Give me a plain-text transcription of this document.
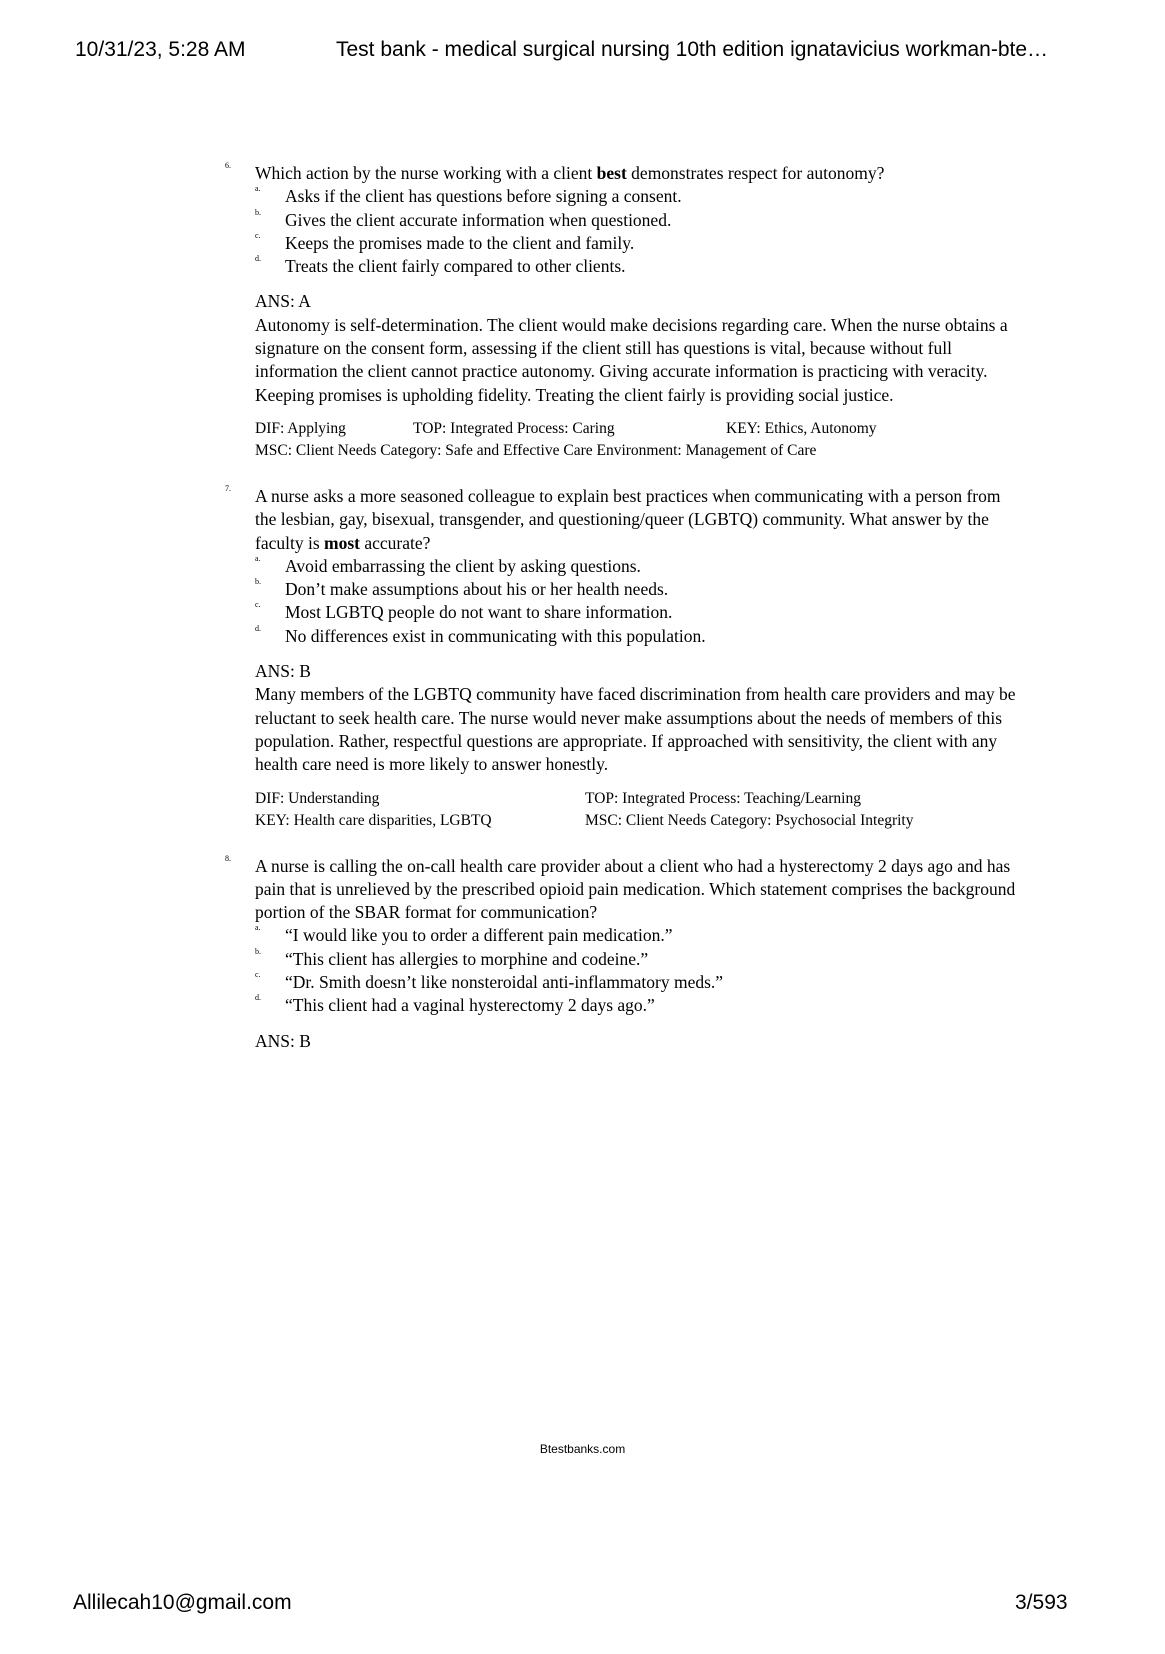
10/31/23, 5:28 AM	Test bank - medical surgical nursing 10th edition ignatavicius workman-bte…
6. Which action by the nurse working with a client best demonstrates respect for autonomy?
a. Asks if the client has questions before signing a consent.
b. Gives the client accurate information when questioned.
c. Keeps the promises made to the client and family.
d. Treats the client fairly compared to other clients.
ANS: A
Autonomy is self-determination. The client would make decisions regarding care. When the nurse obtains a signature on the consent form, assessing if the client still has questions is vital, because without full information the client cannot practice autonomy. Giving accurate information is practicing with veracity. Keeping promises is upholding fidelity. Treating the client fairly is providing social justice.
DIF: Applying	TOP: Integrated Process: Caring	KEY: Ethics, Autonomy
MSC: Client Needs Category: Safe and Effective Care Environment: Management of Care
7. A nurse asks a more seasoned colleague to explain best practices when communicating with a person from the lesbian, gay, bisexual, transgender, and questioning/queer (LGBTQ) community. What answer by the faculty is most accurate?
a. Avoid embarrassing the client by asking questions.
b. Don’t make assumptions about his or her health needs.
c. Most LGBTQ people do not want to share information.
d. No differences exist in communicating with this population.
ANS: B
Many members of the LGBTQ community have faced discrimination from health care providers and may be reluctant to seek health care. The nurse would never make assumptions about the needs of members of this population. Rather, respectful questions are appropriate. If approached with sensitivity, the client with any health care need is more likely to answer honestly.
DIF: Understanding	TOP: Integrated Process: Teaching/Learning
KEY: Health care disparities, LGBTQ	MSC: Client Needs Category: Psychosocial Integrity
8. A nurse is calling the on-call health care provider about a client who had a hysterectomy 2 days ago and has pain that is unrelieved by the prescribed opioid pain medication. Which statement comprises the background portion of the SBAR format for communication?
a. “I would like you to order a different pain medication.”
b. “This client has allergies to morphine and codeine.”
c. “Dr. Smith doesn’t like nonsteroidal anti-inflammatory meds.”
d. “This client had a vaginal hysterectomy 2 days ago.”
ANS: B
Btestbanks.com
Allilecah10@gmail.com	3/593
